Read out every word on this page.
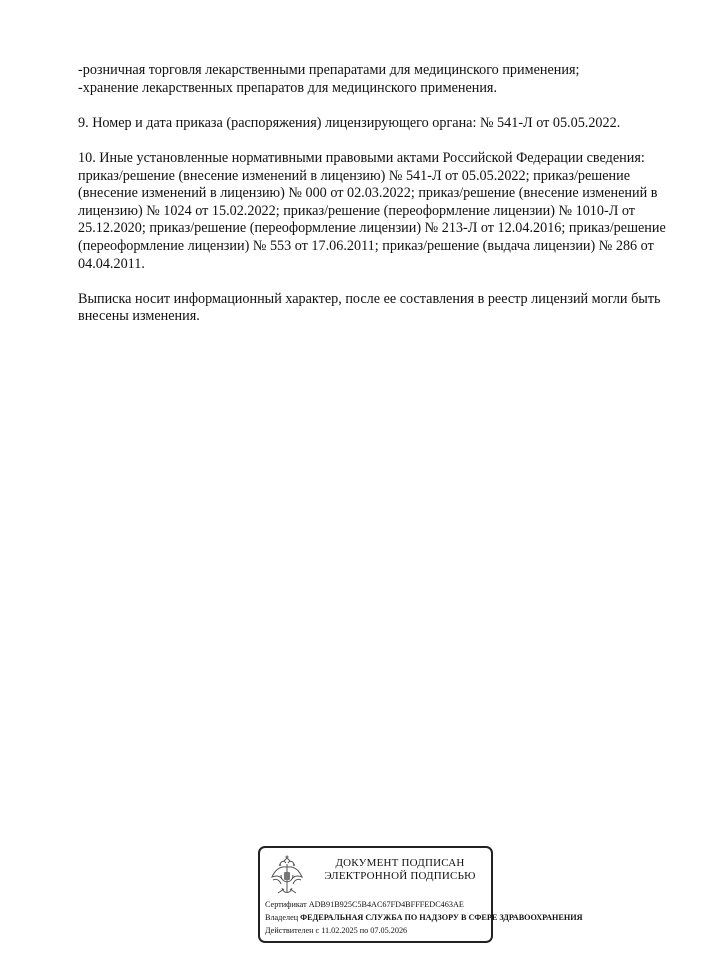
-розничная торговля лекарственными препаратами для медицинского применения;

-хранение лекарственных препаратов для медицинского применения.

9. Номер и дата приказа (распоряжения) лицензирующего органа: № 541-Л от 05.05.2022.

10. Иные установленные нормативными правовыми актами Российской Федерации сведения:

приказ/решение (внесение изменений в лицензию) № 541-Л от 05.05.2022; приказ/решение

(внесение изменений в лицензию) № 000 от 02.03.2022; приказ/решение (внесение изменений в

лицензию) № 1024 от 15.02.2022; приказ/решение (переоформление лицензии) № 1010-Л от

25.12.2020; приказ/решение (переоформление лицензии) № 213-Л от 12.04.2016; приказ/решение

(переоформление лицензии) № 553 от 17.06.2011; приказ/решение (выдача лицензии) № 286 от

04.04.2011.

Выписка носит информационный характер, после ее составления в реестр лицензий могли быть

внесены изменения.

ДОКУМЕНТ ПОДПИСАН
ЭЛЕКТРОННОЙ ПОДПИСЬЮ
Сертификат ADB91B925C5B4AC67FD4BFFFEDC463AE
Владелец ФЕДЕРАЛЬНАЯ СЛУЖБА ПО НАДЗОРУ В СФЕРЕ ЗДРАВООХРАНЕНИЯ
Действителен с 11.02.2025 по 07.05.2026
